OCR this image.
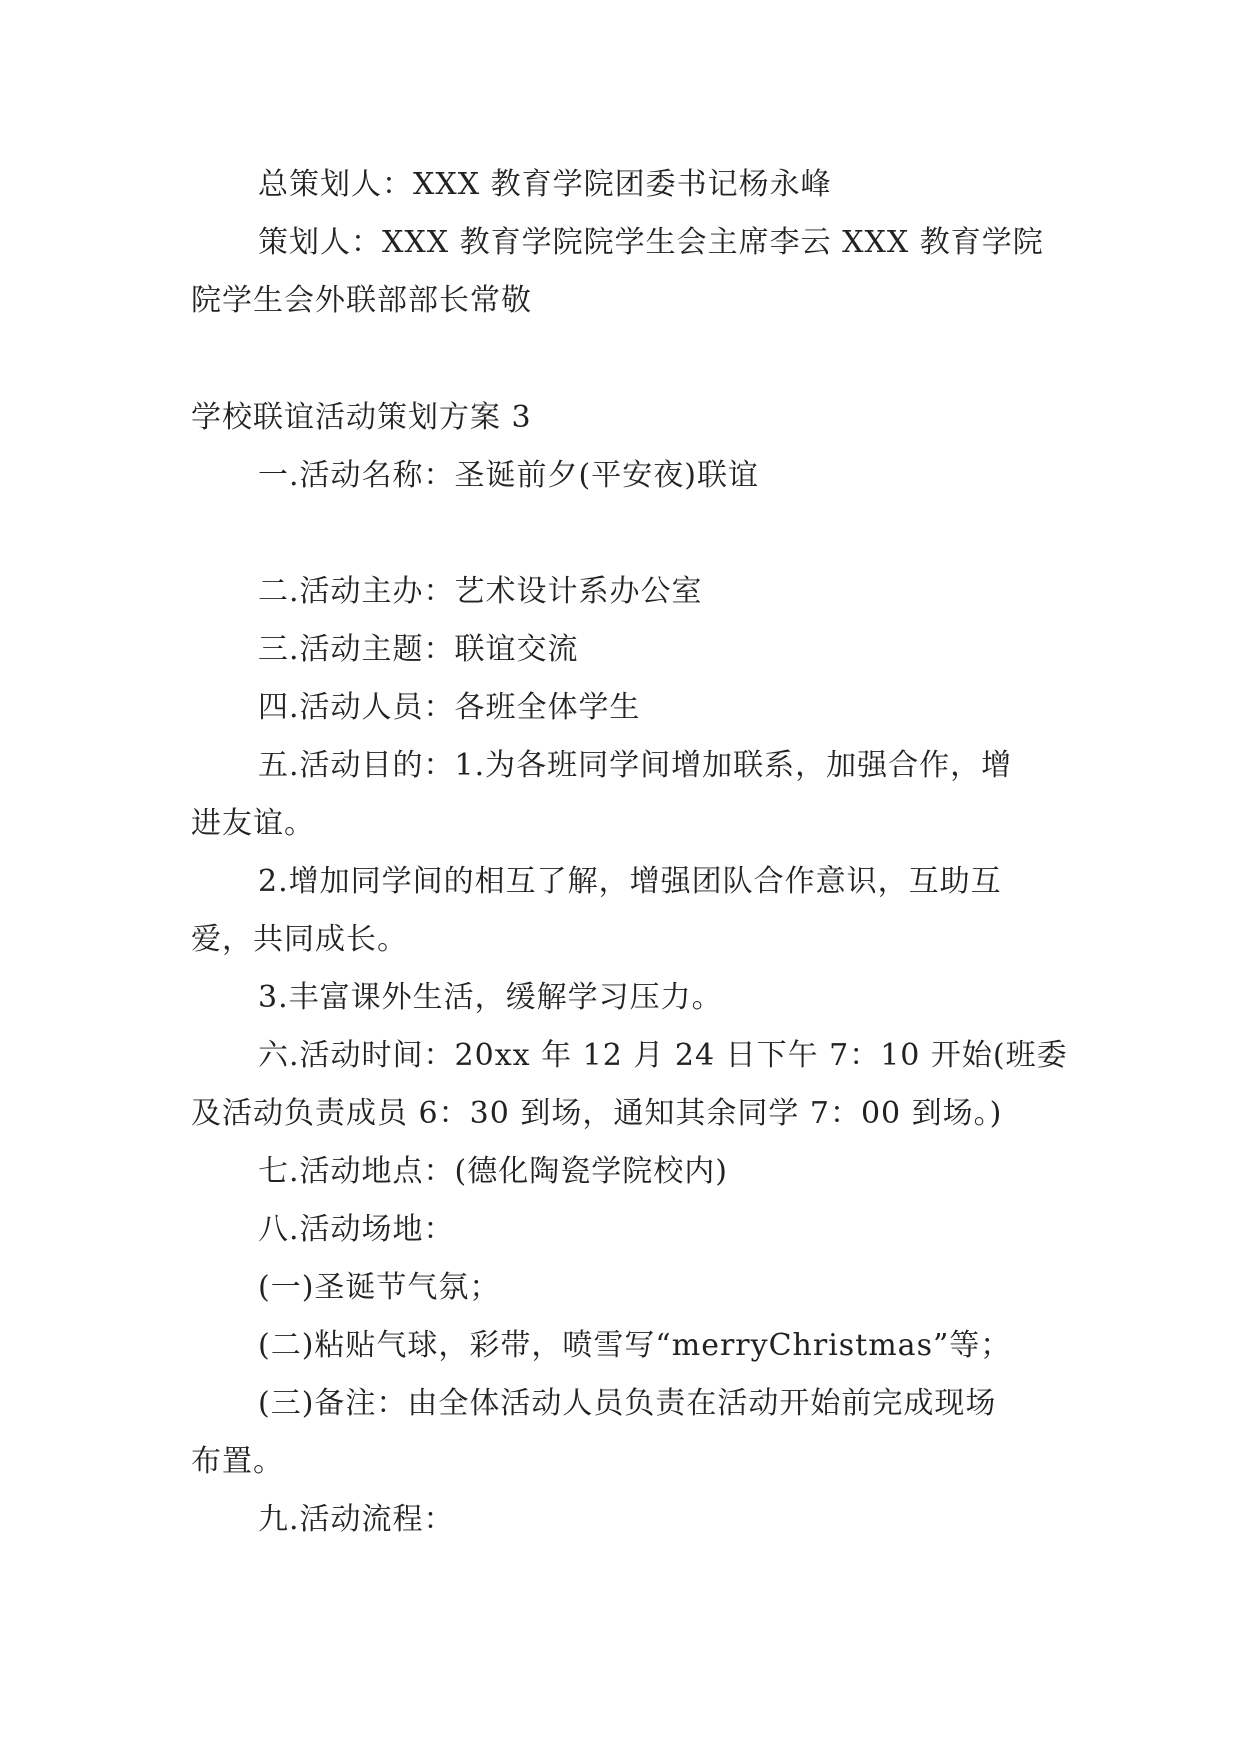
总策划人：XXX 教育学院团委书记杨永峰
策划人：XXX 教育学院院学生会主席李云 XXX 教育学院
院学生会外联部部长常敬
学校联谊活动策划方案 3
一.活动名称：圣诞前夕(平安夜)联谊
二.活动主办：艺术设计系办公室
三.活动主题：联谊交流
四.活动人员：各班全体学生
五.活动目的：1.为各班同学间增加联系，加强合作，增
进友谊。
2.增加同学间的相互了解，增强团队合作意识，互助互
爱，共同成长。
3.丰富课外生活，缓解学习压力。
六.活动时间：20xx 年 12 月 24 日下午 7：10 开始(班委
及活动负责成员 6：30 到场，通知其余同学 7：00 到场。)
七.活动地点：(德化陶瓷学院校内)
八.活动场地：
(一)圣诞节气氛；
(二)粘贴气球，彩带，喷雪写“merryChristmas”等；
(三)备注：由全体活动人员负责在活动开始前完成现场
布置。
九.活动流程：
